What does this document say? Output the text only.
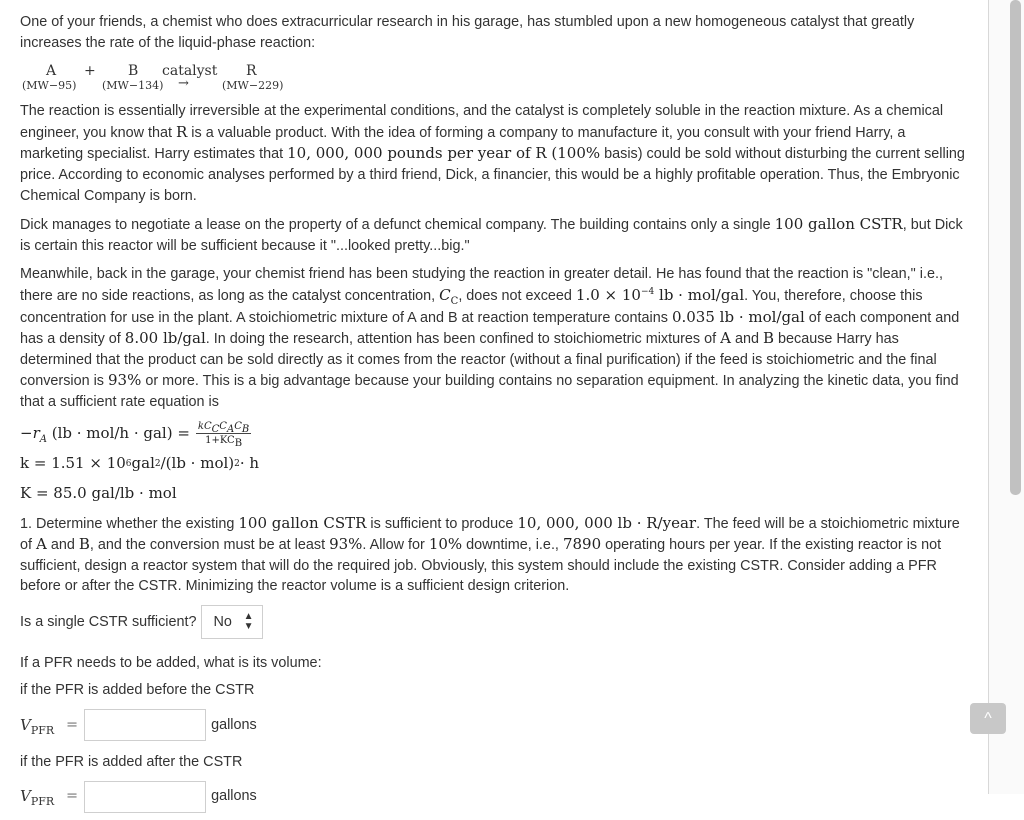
One of your friends, a chemist who does extracurricular research in his garage, has stumbled upon a new homogeneous catalyst that greatly increases the rate of the liquid-phase reaction:

A + B catalyst R
(MW−95) (MW−134) →	(MW−229)

The reaction is essentially irreversible at the experimental conditions, and the catalyst is completely soluble in the reaction mixture. As a chemical engineer, you know that R is a valuable product. With the idea of forming a company to manufacture it, you consult with your friend Harry, a marketing specialist. Harry estimates that 10, 000, 000 pounds per year of R (100% basis) could be sold without disturbing the current selling price. According to economic analyses performed by a third friend, Dick, a financier, this would be a highly profitable operation. Thus, the Embryonic Chemical Company is born.

Dick manages to negotiate a lease on the property of a defunct chemical company. The building contains only a single 100 gallon CSTR, but Dick is certain this reactor will be sufficient because it "...looked pretty...big."

Meanwhile, back in the garage, your chemist friend has been studying the reaction in greater detail. He has found that the reaction is "clean," i.e., there are no side reactions, as long as the catalyst concentration, $C_C$, does not exceed $1.0 \times 10^{-4}$ lb · mol/gal. You, therefore, choose this concentration for use in the plant. A stoichiometric mixture of A and B at reaction temperature contains 0.035 lb · mol/gal of each component and has a density of 8.00 lb/gal. In doing the research, attention has been confined to stoichiometric mixtures of A and B because Harry has determined that the product can be sold directly as it comes from the reactor (without a final purification) if the feed is stoichiometric and the final conversion is 93% or more. This is a big advantage because your building contains no separation equipment. In analyzing the kinetic data, you find that a sufficient rate equation is

$-r_A$ $(lb \cdot mol/h \cdot gal) = \frac{kC_CC_AC_B}{1+KC_B}$
k = 1.51 × 10 6 gal 2 /(lb · mol) 2 · h
K = 85.0 gal/lb · mol

1. Determine whether the existing 100 gallon CSTR is sufficient to produce 10, 000, 000 lb · R/year. The feed will be a stoichiometric mixture of A and B, and the conversion must be at least 93%. Allow for 10% downtime, i.e., 7890 operating hours per year. If the existing reactor is not sufficient, design a reactor system that will do the required job. Obviously, this system should include the existing CSTR. Consider adding a PFR before or after the CSTR. Minimizing the reactor volume is a sufficient design criterion.

Is a single CSTR sufficient? No ▲
▼
If a PFR needs to be added, what is its volume:
if the PFR is added before the CSTR
$V_{PFR}$ =	gallons
if the PFR is added after the CSTR
$V_{PFR}$ =	gallons
^
